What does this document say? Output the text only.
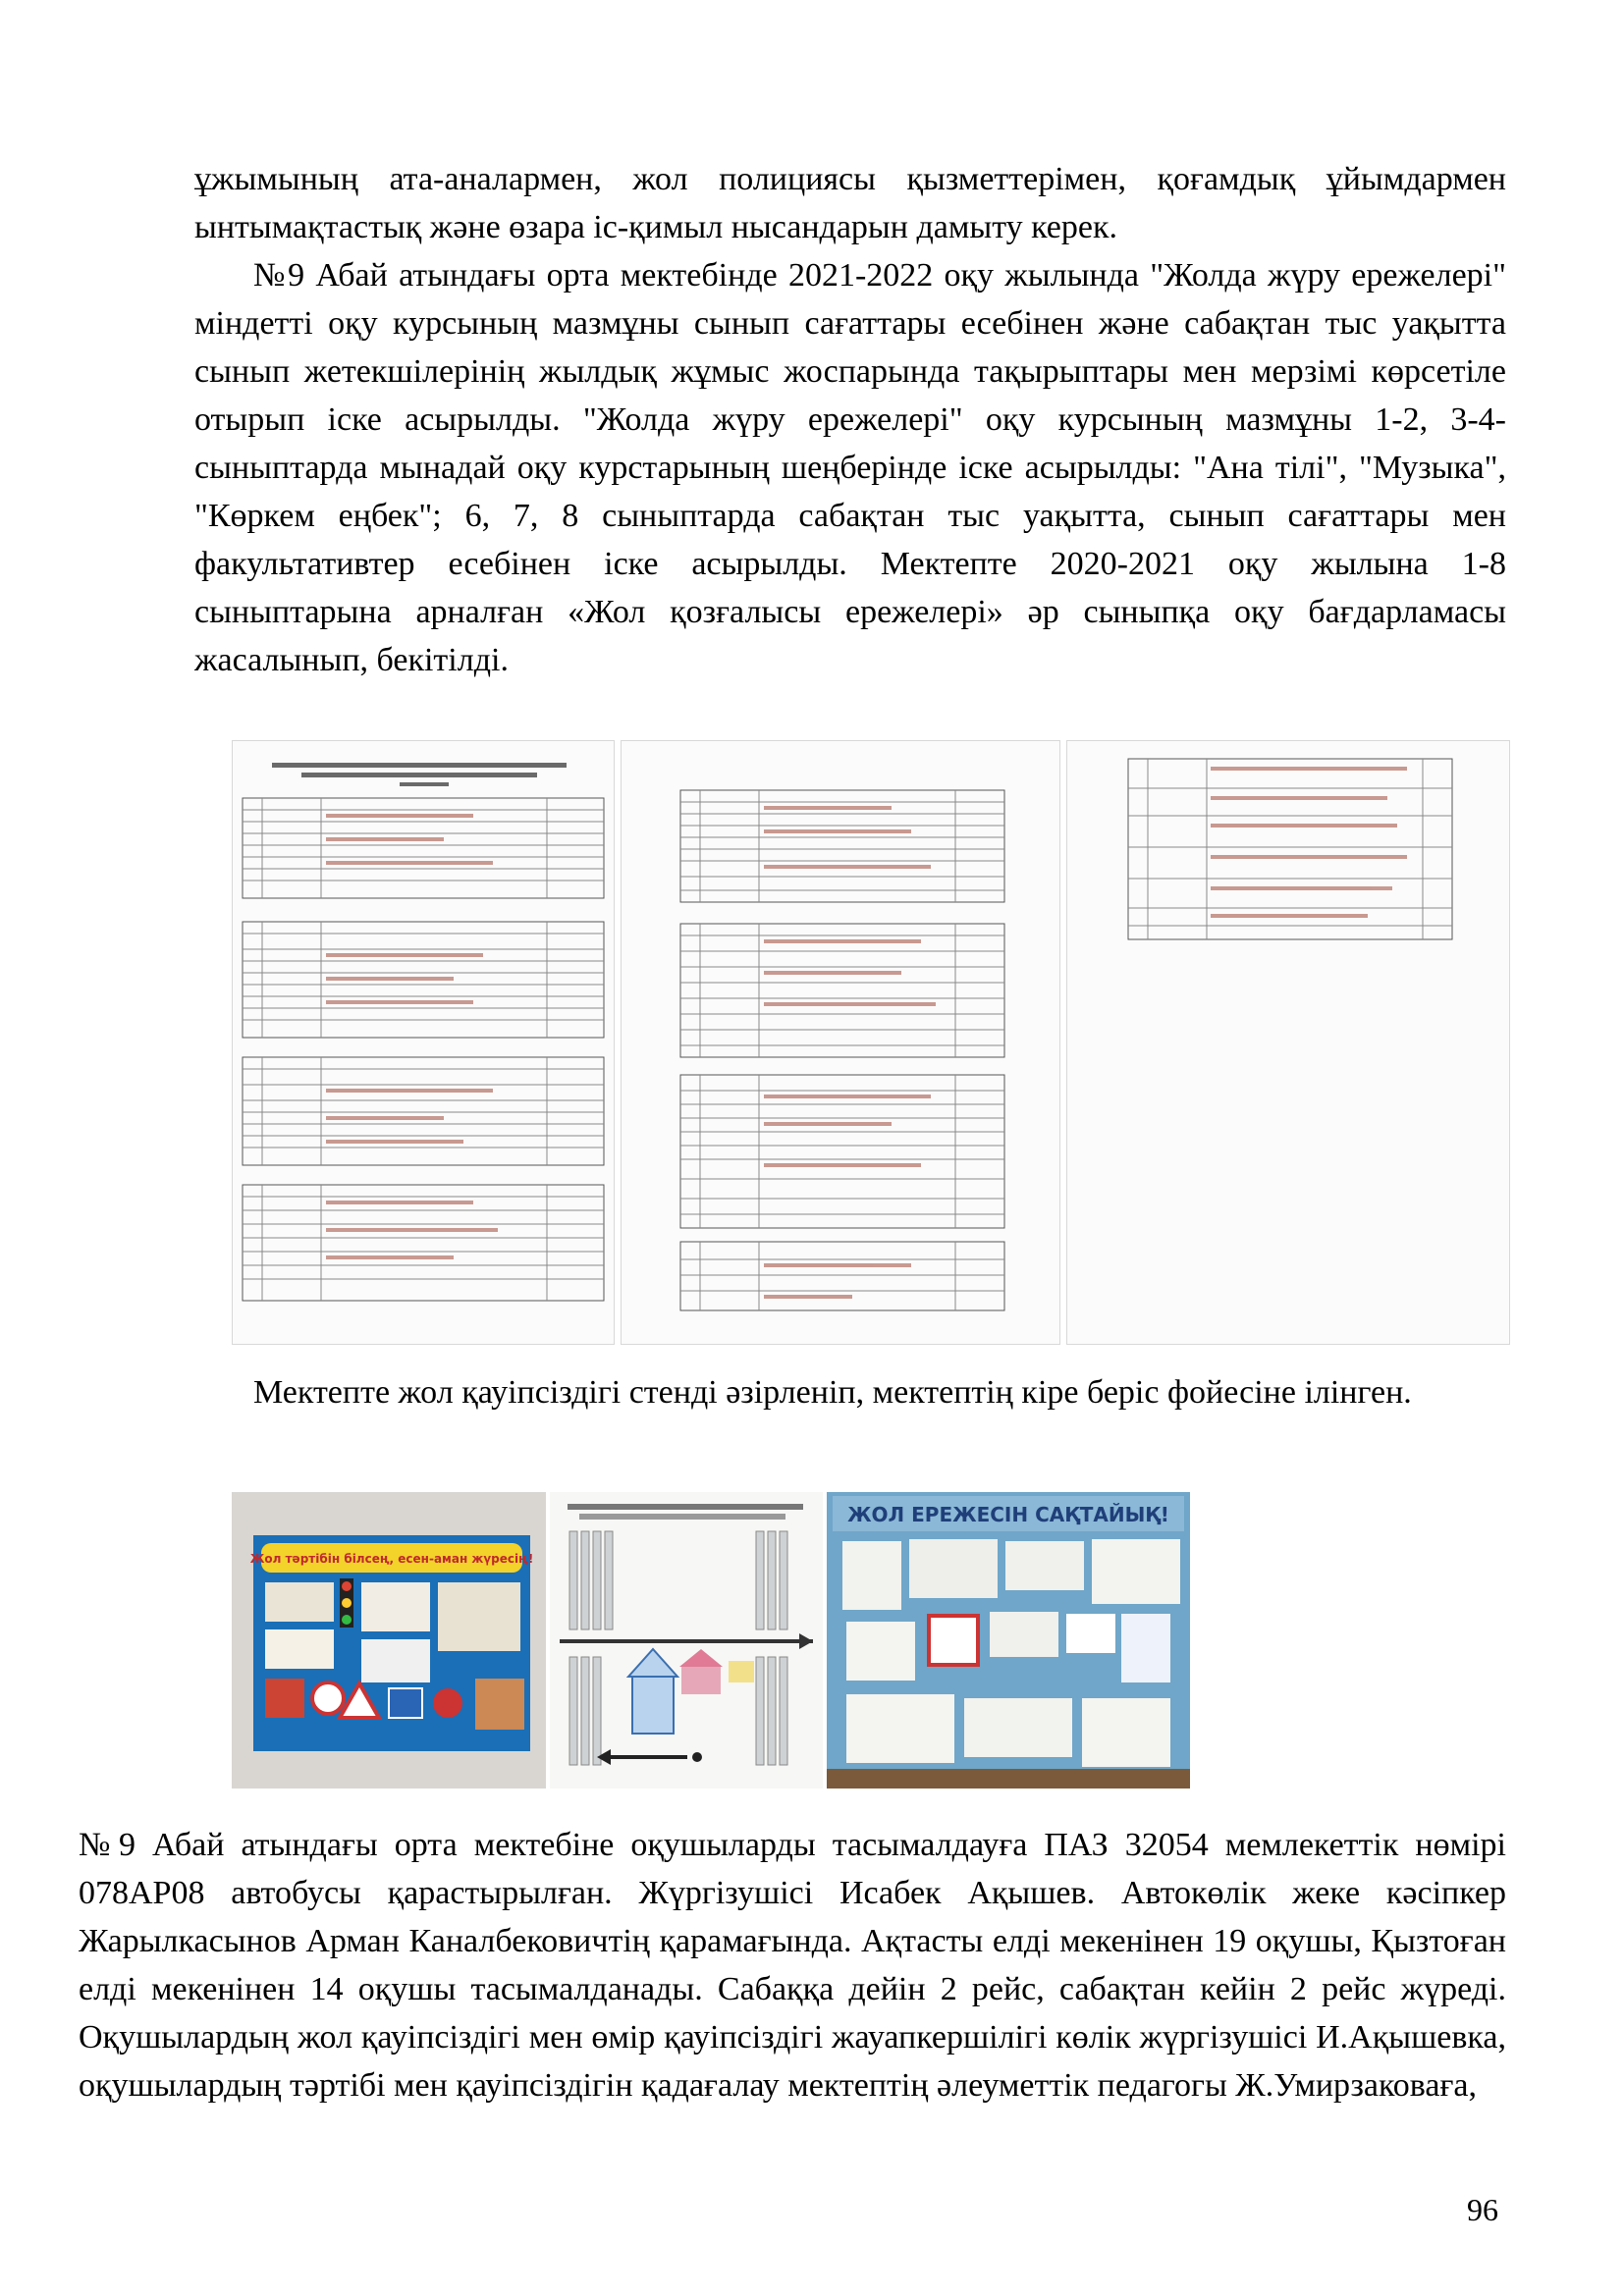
ұжымының ата-аналармен, жол полициясы қызметтерімен, қоғамдық ұйымдармен ынтымақтастық және өзара іс-қимыл нысандарын дамыту керек.

№9 Абай атындағы орта мектебінде 2021-2022 оқу жылында "Жолда жүру ережелері" міндетті оқу курсының мазмұны сынып сағаттары есебінен және сабақтан тыс уақытта сынып жетекшілерінің жылдық жұмыс жоспарында тақырыптары мен мерзімі көрсетіле отырып іске асырылды. "Жолда жүру ережелері" оқу курсының мазмұны 1-2, 3-4-сыныптарда мынадай оқу курстарының шеңберінде іске асырылды: "Ана тілі", "Музыка", "Көркем еңбек"; 6, 7, 8 сыныптарда сабақтан тыс уақытта, сынып сағаттары мен факультативтер есебінен іске асырылды. Мектепте 2020-2021 оқу жылына 1-8 сыныптарына арналған «Жол қозғалысы ережелері» әр сыныпқа оқу бағдарламасы жасалынып, бекітілді.

Мектепте жол қауіпсіздігі стенді әзірленіп, мектептің кіре беріс фойесіне ілінген.

Жол тәртібін білсең, есен-аман жүресің!
ЖОЛ ЕРЕЖЕСІН САҚТАЙЫҚ!

№9 Абай атындағы орта мектебіне оқушыларды тасымалдауға ПАЗ 32054 мемлекеттік нөмірі 078АР08 автобусы қарастырылған. Жүргізушісі Исабек Ақышев. Автокөлік жеке кәсіпкер Жарылкасынов Арман Каналбековичтің қарамағында. Ақтасты елді мекенінен 19 оқушы, Қызтоған елді мекенінен 14 оқушы тасымалданады. Сабаққа дейін 2 рейс, сабақтан кейін 2 рейс жүреді. Оқушылардың жол қауіпсіздігі мен өмір қауіпсіздігі жауапкершілігі көлік жүргізушісі И.Ақышевка, оқушылардың тәртібі мен қауіпсіздігін қадағалау мектептің әлеуметтік педагогы Ж.Умирзаковаға,

96
